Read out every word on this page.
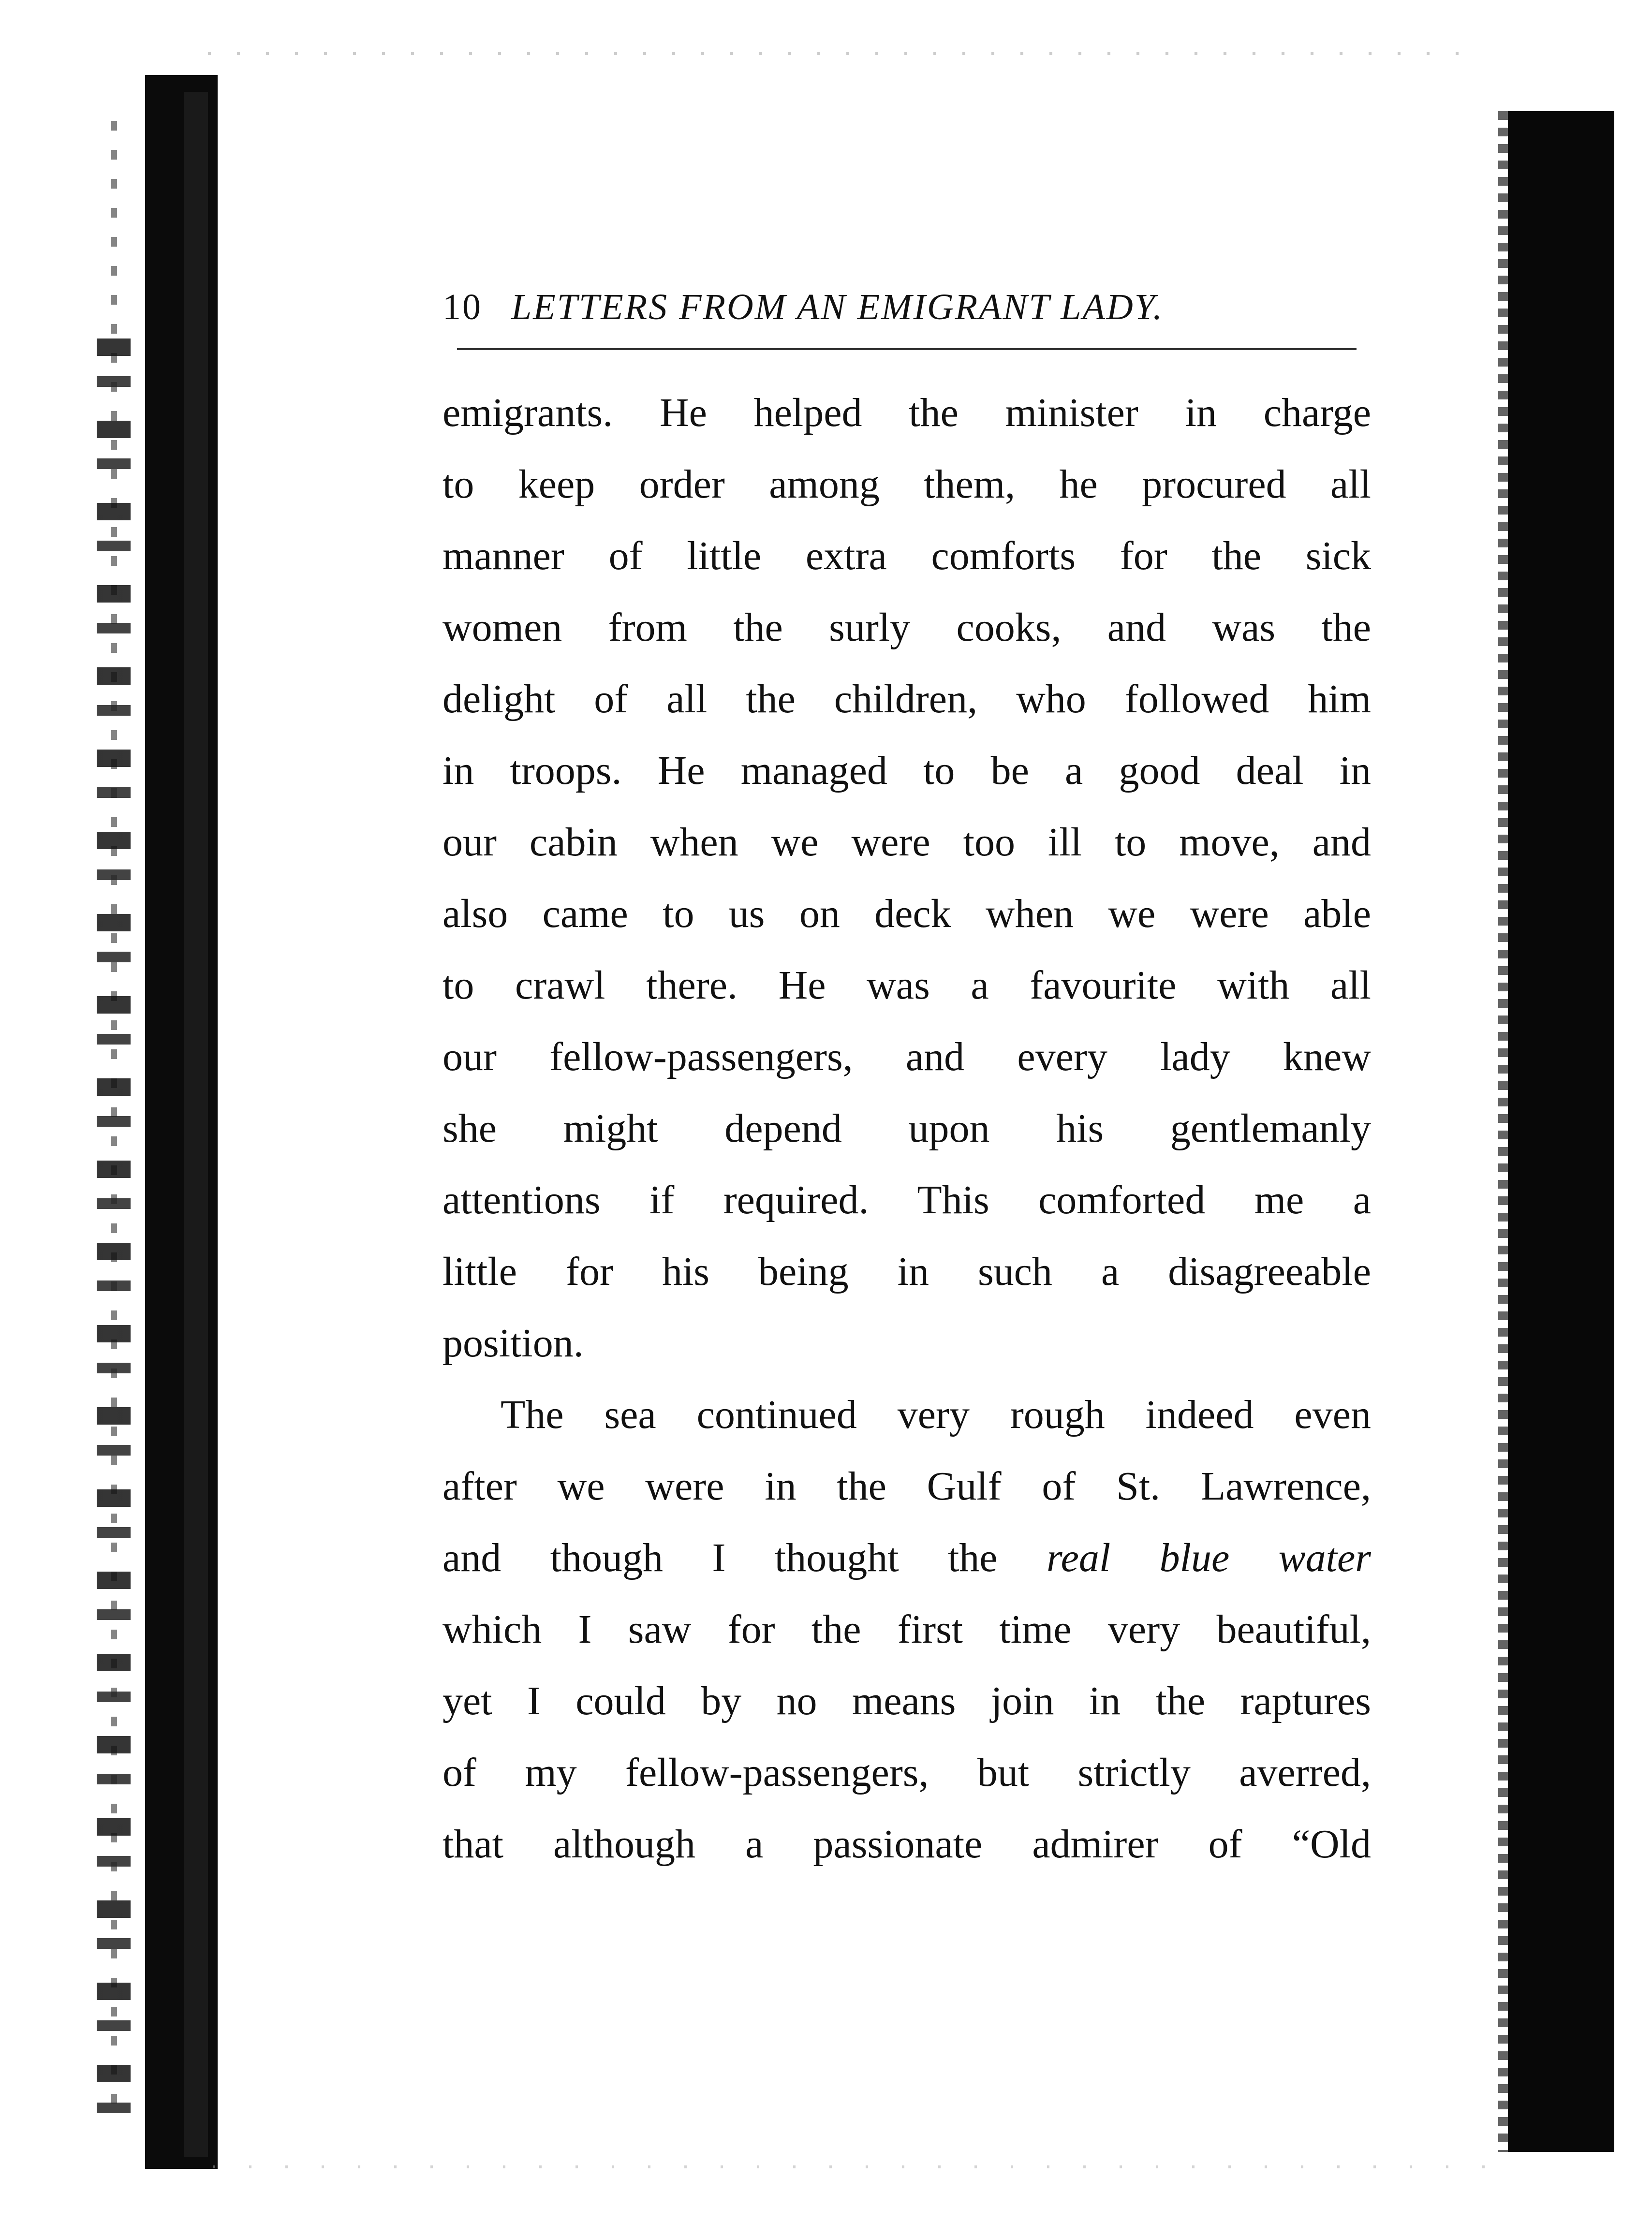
10 LETTERS FROM AN EMIGRANT LADY.
emigrants. He helped the minister in charge
to keep order among them, he procured all
manner of little extra comforts for the sick
women from the surly cooks, and was the
delight of all the children, who followed him
in troops. He managed to be a good deal in
our cabin when we were too ill to move, and
also came to us on deck when we were able
to crawl there. He was a favourite with all
our fellow-passengers, and every lady knew
she might depend upon his gentlemanly
attentions if required. This comforted me a
little for his being in such a disagreeable
position.
The sea continued very rough indeed even
after we were in the Gulf of St. Lawrence,
and though I thought the real blue water
which I saw for the first time very beautiful,
yet I could by no means join in the raptures
of my fellow-passengers, but strictly averred,
that although a passionate admirer of “Old
